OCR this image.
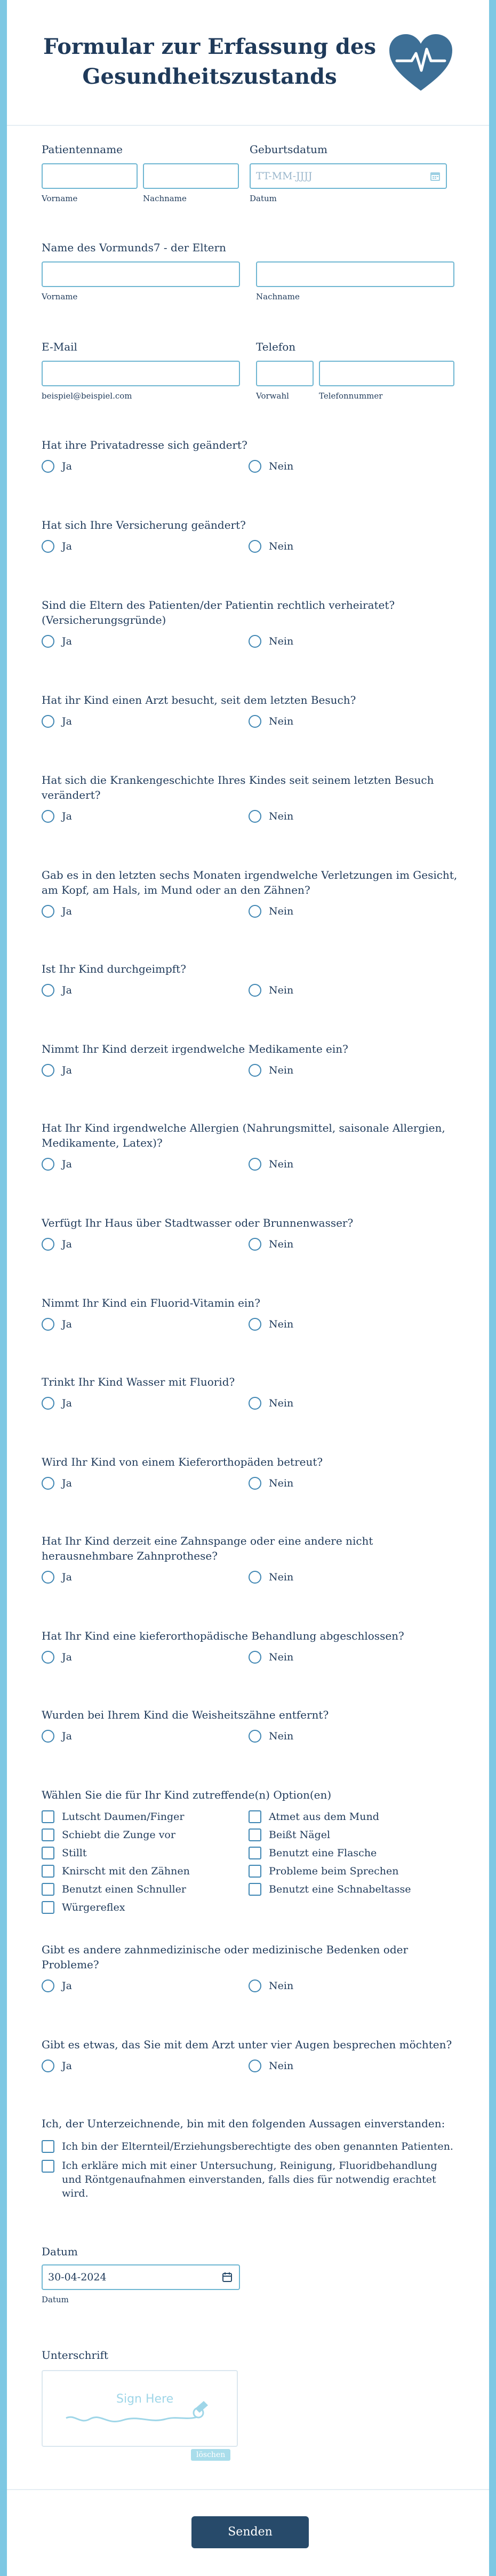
Formular zur Erfassung des Gesundheitszustands
Patientenname
Vorname	Nachname
Geburtsdatum
TT-MM-JJJJ
Datum
Name des Vormunds7 - der Eltern
Vorname	Nachname
E-Mail
beispiel@beispiel.com
Telefon
Vorwahl	Telefonnummer
Hat ihre Privatadresse sich geändert?
Ja	Nein
Hat sich Ihre Versicherung geändert?
Ja	Nein
Sind die Eltern des Patienten/der Patientin rechtlich verheiratet? (Versicherungsgründe)
Ja	Nein
Hat ihr Kind einen Arzt besucht, seit dem letzten Besuch?
Ja	Nein
Hat sich die Krankengeschichte Ihres Kindes seit seinem letzten Besuch verändert?
Ja	Nein
Gab es in den letzten sechs Monaten irgendwelche Verletzungen im Gesicht, am Kopf, am Hals, im Mund oder an den Zähnen?
Ja	Nein
Ist Ihr Kind durchgeimpft?
Ja	Nein
Nimmt Ihr Kind derzeit irgendwelche Medikamente ein?
Ja	Nein
Hat Ihr Kind irgendwelche Allergien (Nahrungsmittel, saisonale Allergien, Medikamente, Latex)?
Ja	Nein
Verfügt Ihr Haus über Stadtwasser oder Brunnenwasser?
Ja	Nein
Nimmt Ihr Kind ein Fluorid-Vitamin ein?
Ja	Nein
Trinkt Ihr Kind Wasser mit Fluorid?
Ja	Nein
Wird Ihr Kind von einem Kieferorthopäden betreut?
Ja	Nein
Hat Ihr Kind derzeit eine Zahnspange oder eine andere nicht herausnehmbare Zahnprothese?
Ja	Nein
Hat Ihr Kind eine kieferorthopädische Behandlung abgeschlossen?
Ja	Nein
Wurden bei Ihrem Kind die Weisheitszähne entfernt?
Ja	Nein
Wählen Sie die für Ihr Kind zutreffende(n) Option(en)
Lutscht Daumen/Finger
Schiebt die Zunge vor
Stillt
Knirscht mit den Zähnen
Benutzt einen Schnuller
Würgereflex
Atmet aus dem Mund
Beißt Nägel
Benutzt eine Flasche
Probleme beim Sprechen
Benutzt eine Schnabeltasse
Gibt es andere zahnmedizinische oder medizinische Bedenken oder Probleme?
Ja	Nein
Gibt es etwas, das Sie mit dem Arzt unter vier Augen besprechen möchten?
Ja	Nein
Ich, der Unterzeichnende, bin mit den folgenden Aussagen einverstanden:
Ich bin der Elternteil/Erziehungsberechtigte des oben genannten Patienten.
Ich erkläre mich mit einer Untersuchung, Reinigung, Fluoridbehandlung und Röntgenaufnahmen einverstanden, falls dies für notwendig erachtet wird.
Datum
30-04-2024
Datum
Unterschrift
Sign Here
löschen
Senden
